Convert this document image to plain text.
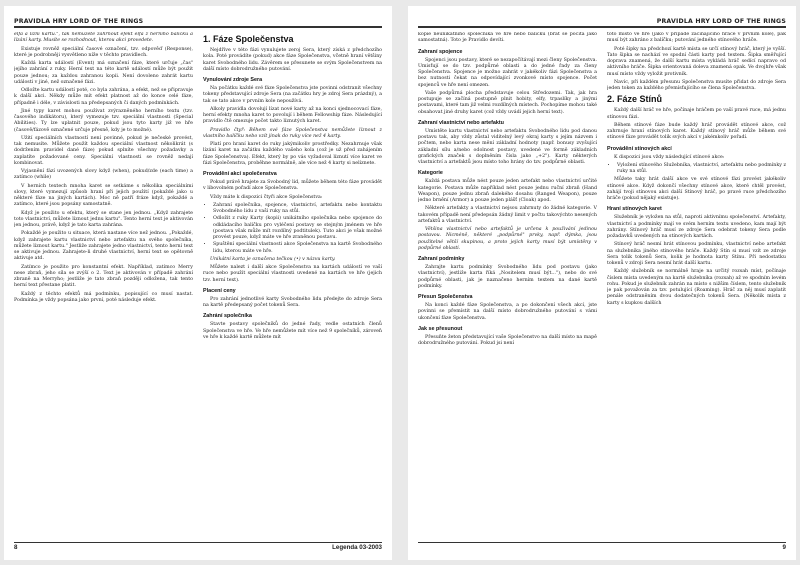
PRAVIDLA HRY LORD OF THE RINGS

elfa a lízni kartu.", tak nemůžete zahrnout efekt elfa z herního balíčku a lízání karty. Musíte se rozhodnout, kterou akci provedete.

Existuje rovněž speciální časové označení, tzv. odpověď (Response), které je podrobněji vysvětleno níže v těchto pravidlech.

Každá karta událostí (Event) má označení fáze, které určuje „čas" jejího zahrání z ruky. Herní text na této kartě událostí může být použit pouze jednou; za každou zahranou kopii. Není dovoleno zahrát kartu události v jiné, než označené fázi.

Odložte kartu událostí poté, co byla zahrána, a efekt, než se připravuje k další akci. Někdy může mít efekt platnost až do konce celé fáze, případně i déle, v závislosti na předepsaných či daných podmínkách.

Jiné typy karet mohou používat zvýrazněného herního textu (tzv. časového indikátoru), který vymezuje tzv. speciální vlastnosti (Special Abilities). Ty lze uplatnit pouze, pokud jsou tyto karty již ve hře (časově/fázově označené určuje přesně, kdy je to možné).

Užití speciálních vlastností není povinné, pokud je nečeské provést, tak nemusíte. Můžete použít každou speciální vlastnost několikrát (s dodržením pravidel dané fáze) pokud splníte všechny požadavky a zaplatíte požadované ceny. Speciální vlastnosti se rovněž nedají kombinovat.

Vyjasnění fází uvozených slovy když (when), pokud/zde (each time) a zatímco (while)

V herních textech mnoha karet se setkáme s několika speciálními slovy, které vymezují způsob hraní při jejich použití (pokaždé jako u některé fáze na jiných kartách). Moc ně patří fráze když, pokaždé a zatímco, které jsou popsány samostatně.

Když je použito u efektu, který se stane jen jednou. „Když zahrajete toto vlastnictví, můžete líznout jednu kartu". Tento herní text je aktivován jen jednou, právě, když je tato karta zahrána.

Pokaždé je použito u situace, která nastane více než jednou. „Pokaždé, když zahrajete kartu vlastnictví nebo artefaktu na svého společníka, můžete líznout kartu." Jestliže zahrajete jedno vlastnictví, tento herní text se aktivuje jednou. Zahrajete-li druhé vlastnictví, herní text se opětovně aktivuje atd.

Zatímco je použito pro konstantní efekt. Například, zatímco Merry nese zbraň, jeho síla se zvýší o 2. Text je aktivován v případě zahrání zbraně na Merryho; jestliže je tato zbraň později odložena, tak tento herní text přestane platit.

Každý z těchto efektů má podmínku, popisující co musí nastat. Podmínka je vždy popsána jako první, poté následuje efekt.

1. Fáze Společenstva

Nejdříve v této fázi vynulujete zeroj Sera, který získá z předchozího kola. Poté provádíte (pokud) akce fáze Společenstva, včetně hraní většiny karet Svobodného lidu. Závěrem se přesunete se svým Společenstvem na další místo dobrodružného putování.

Vynulování zdroje Sera

Na počátku každé své fáze Společenstva jste povinni odstranit všechny tokeny představující zdroje Sera (na začátku hry je zdroj Sera prázdný), a tak se tato akce v prvním kole nepoužívá.

Alkoly pravidla dovolují lízat nové karty až na konci sjednocovací fáze, herní efekty mnoha karet to povolují i během Fellowship fáze. Následující pravidlo čtě omezuje počet takto líznutých karet.

Pravidlo čtyř: Během své fáze Společenstva nemůžete líznout z vlastního balíčku nebo vzít jinak do ruky více než 4 karty.

Platí pro hraní karet do ruky jakýmikoliv prostředky. Nezahrnuje však lízání karet na začátku každého vašeho kola (což je už před zahájením fáze Společenstva). Efekt, který by po vás vyžadoval líznutí více karet ve fázi Společenstva, proběhne normálně, ale více než 4 karty si nelíznete.

Provádění akcí společenstva

Pokud právě hrajete za Svobodný lid, můžete během této fáze provádět v libovolném pořadí akce Společenstva.

Vždy máte k dispozici čtyři akce Společenstva:

• Zahraní společníka, spojence, vlastnictví, artefaktu nebo kontaktu Svobodného lidu z vaší ruky na stůl.
• Odložit z ruky Karty (kopii) unikátního společníka nebo spojence do odkládacího balíčku pro vyléčení postavy se stejným jménem ve hře (postava však může mít rozdílný podtitulek). Tuto akci je však možné provést pouze, když máte ve hře zraněnou postavu.
• Spuštění speciální vlastnosti akce Společenstva na kartě Svobodného lidu, kterou máte ve hře.

Unikátní karta je označena tečkou (•) v názvu karty.

Můžete nalezt i další akce Společenstva na kartách událostí ve vaší ruce nebo použít speciální vlastnosti uvedené na kartách ve hře (jejich tzv. herní text).

Placení ceny

Pro zahrání jednotlivé karty Svobodného lidu předejte do zdroje Sera na kartě předepsaný počet tokenů Sera.

Zahrání společníka

Stavte postavy společníků do jedné řady, vedle ostatních členů Společenstva ve hře. Ve hře nemůžete mít více než 9 společníků, zároveň ve hře k každé kartě můžete mít

8	Legenda 03-2003
PRAVIDLA HRY LORD OF THE RINGS

kopie neunikátního společníka ve hře nebo balíčku (brát se počítá jako samostatná). Toto je Pravidlo devíti.

Zahraní spojence

Spojenci jsou postavy, které se nezapočítávají mezi členy Společenstva. Umisťují se do tzv. podpůrné oblasti a do jedné řady za členy Společenstva. Spojence je možno zahrát v jakékoliv fázi Společenstva a bez nutnosti čekat na odpovídající zvonkové místo spojence. Počet spojenců ve hře není omezen.

Vaše podpůrná plocha představuje celou Středozemi. Tak, jak hra postupuje se začíná postupně plnit hobity, elfy, trpaslíky a jinými postavami, které tam již velmi rozdílných místech. Pochopíme mohou také obsahovat jiné druhy karet (což vždy uvádí jejich herní text).

Zahraní vlastnictví nebo artefaktu

Umístěte kartu vlastnictví nebo artefaktu Svobodného lidu pod danou postavu tak, aby vždy zůstal viditelný levý okraj karty s jejím názvem i počtem, nebo karta nese mění základní hodnoty (např. bonusy zvyšující základní sílu a/nebo odolnost postavy, uvedené ve formě základních grafických značek s doplněním čísla jako „+2"). Karty některých vlastnictví a artefaktů jsou místo toho hrány do tzv. podpůrné oblasti.

Kategorie

Každá postava může nést pouze jeden artefakt nebo vlastnictví určité kategorie. Postava může například nést pouze jednu ruční zbraň (Hand Weapon), pouze jednu zbraň dalekého dosahu (Ranged Weapon), pouze jedno brnění (Armor) a pouze jeden plášť (Cloak) apod.

Některé artefakty a vlastnictví nejsou zahrnuty do žádné kategorie. V takovém případě není předepsán žádný limit v počtu takovýchto nesených artefaktů a vlastnictví.

Většina vlastnictví nebo artefaktů je určena k použivání jedinou postavou. Nicméně, některé „podpůrné" prvky, např. dýmka, jsou použitelné větší skupinou, a proto jejich karty musí být umístěny v podpůrné oblasti.

Zahraní podmínky

Zahrajte kartu podmínky Svobodného lidu pod postavu (jako vlastnictví), jestliže karta říká „Nositelem musí být..."), nebo do své podpůrné oblasti, jak je naznačeno herním textem na dané kartě podmínky.

Přesun Společenstva

Na konci každé fáze Společenstva, a po dokončení všech akcí, jste povinni se přemístit na další místo dobrodružného putování s vámi ukončení fáze Společenstva.

Jak se přesunout

Přesuňte žeton představující vaše Společenstvo na další místo na mapě dobrodružného putování. Pokud jsi není

toto místo ve hře (jako v případě začínajícího hráče v prvním kole), pak musí být zahráno z balíčku; putování jedného stínového hráče.

Poté šipky na předchozí kartě místa se určí stínový hráč, který je vyšší. Tato šipka se nachází ve spodní části karty pod textem. Šipka směřující doprava znamená, že další kartu místa vykládá hráč sedící napravo od aktivního hráče. Šipka orientovaná doleva znamená opak. Ve dvojhře však musí místo vždy vyložit protivník.

Navíc, při každém přesunu Společenstva musíte přidat do zdroje Sera jeden token za každého přemísťujícího se člena Společenstva.

2. Fáze Stínů

Každý další hráč ve hře, počínaje hráčem po vaší pravé ruce, má jednu stínovou fázi.

Během stínové fáze bude každý hráč provádět stínové akce, což zahrnuje hraní stínových karet. Každý stínový hráč může během své stínové fáze provádět tolik svých akcí v jakémkoliv pořadí.

Provádění stínových akcí

K dispozici jsou vždy následující stínové akce:

• Vyložení stínového Služebníka, vlastnictví, artefaktu nebo podmínky z ruky na stůl.

Můžete taky hrát další akce ve své stínové fázi provést jakékoliv stínové akce. Když dokončí všechny stínové akce, které chtěl provést, zahájí tvoji stínovou akci další Stínový hráč, po pravé ruce předchozího hráče (pokud nějaký existuje).

Hraní stínových karet

Služebník je vyložen na stůl, naproti aktivnímu společenství. Artefakty, vlastnictví a podmínky mají ve svém herním textu uvedeno, kam mají být zahrány. Stínový hráč musí ze zdroje Sera odebrat tokeny Sera podle požadavků uvedených na stínových kartách.

Stínový hráč nesmí hrát stínovou podmínku, vlastnictví nebo artefakt na služebníka jiného stínového hráče. Každý Stín si musí vzít ze zdroje Sera tolik tokenů Sera, kolik je hodnota karty Stínu. Při nedostatku tokenů v zdroji Sera nesmí hrát další kartu.

Každý služebník se normálně hraje na určitý rozsah míst, počínaje číslem místa uvedeným na kartě služebníka (rozsah) až ve spodním levém rohu. Pokud je služebník zahrán na místo s nižším číslem, tento služebník je pak považován za tzv. potulující (Roaming). Hráč za něj musí zaplatit penále odstraněním dvou dodatečných tokenů Sera. (Několik místa z karty s kupkou dalších

9
